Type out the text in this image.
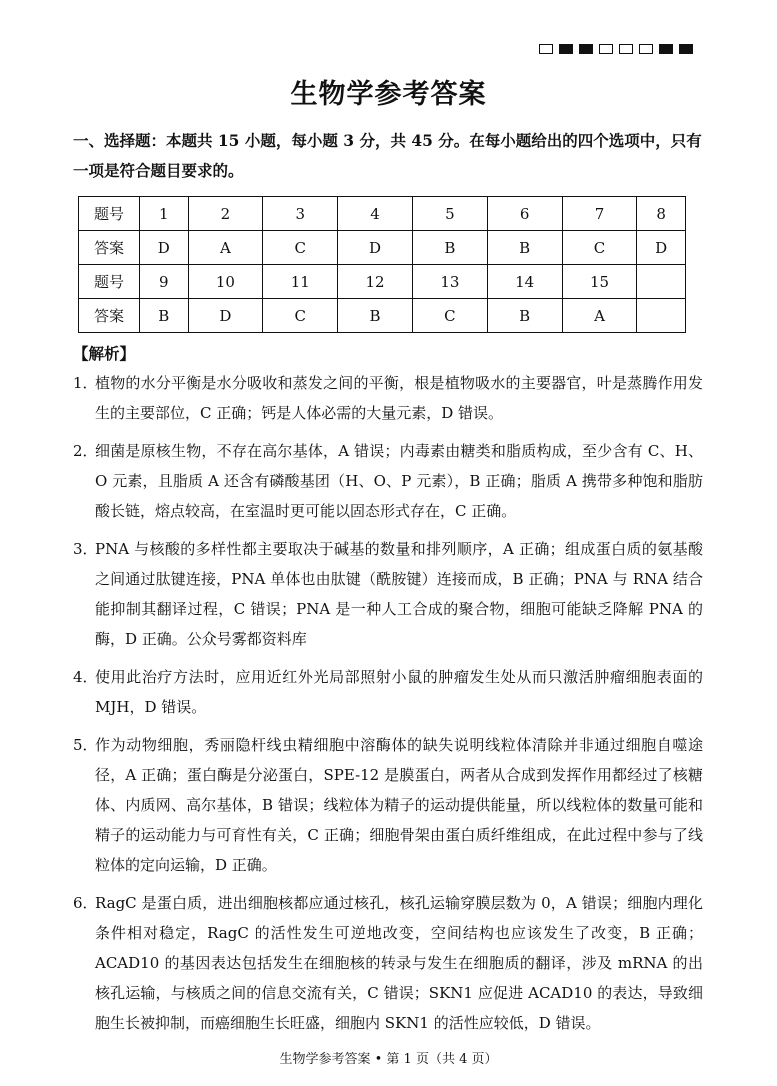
生物学参考答案
一、选择题：本题共 15 小题，每小题 3 分，共 45 分。在每小题给出的四个选项中，只有一项是符合题目要求的。
题号	1	2	3	4	5	6	7	8
答案	D	A	C	D	B	B	C	D
题号	9	10	11	12	13	14	15	
答案	B	D	C	B	C	B	A	
【解析】
1．
植物的水分平衡是水分吸收和蒸发之间的平衡，根是植物吸水的主要器官，叶是蒸腾作用发生的主要部位，C 正确；钙是人体必需的大量元素，D 错误。
2．
细菌是原核生物，不存在高尔基体，A 错误；内毒素由糖类和脂质构成，至少含有 C、H、O 元素，且脂质 A 还含有磷酸基团（H、O、P 元素），B 正确；脂质 A 携带多种饱和脂肪酸长链，熔点较高，在室温时更可能以固态形式存在，C 正确。
3．
PNA 与核酸的多样性都主要取决于碱基的数量和排列顺序，A 正确；组成蛋白质的氨基酸之间通过肽键连接，PNA 单体也由肽键（酰胺键）连接而成，B 正确；PNA 与 RNA 结合能抑制其翻译过程，C 错误；PNA 是一种人工合成的聚合物，细胞可能缺乏降解 PNA 的酶，D 正确。公众号雾都资料库
4．
使用此治疗方法时，应用近红外光局部照射小鼠的肿瘤发生处从而只激活肿瘤细胞表面的 MJH，D 错误。
5．
作为动物细胞，秀丽隐杆线虫精细胞中溶酶体的缺失说明线粒体清除并非通过细胞自噬途径，A 正确；蛋白酶是分泌蛋白，SPE-12 是膜蛋白，两者从合成到发挥作用都经过了核糖体、内质网、高尔基体，B 错误；线粒体为精子的运动提供能量，所以线粒体的数量可能和精子的运动能力与可育性有关，C 正确；细胞骨架由蛋白质纤维组成，在此过程中参与了线粒体的定向运输，D 正确。
6．
RagC 是蛋白质，进出细胞核都应通过核孔，核孔运输穿膜层数为 0，A 错误；细胞内理化条件相对稳定，RagC 的活性发生可逆地改变，空间结构也应该发生了改变，B 正确；ACAD10 的基因表达包括发生在细胞核的转录与发生在细胞质的翻译，涉及 mRNA 的出核孔运输，与核质之间的信息交流有关，C 错误；SKN1 应促进 ACAD10 的表达，导致细胞生长被抑制，而癌细胞生长旺盛，细胞内 SKN1 的活性应较低，D 错误。
生物学参考答案 • 第 1 页（共 4 页）
